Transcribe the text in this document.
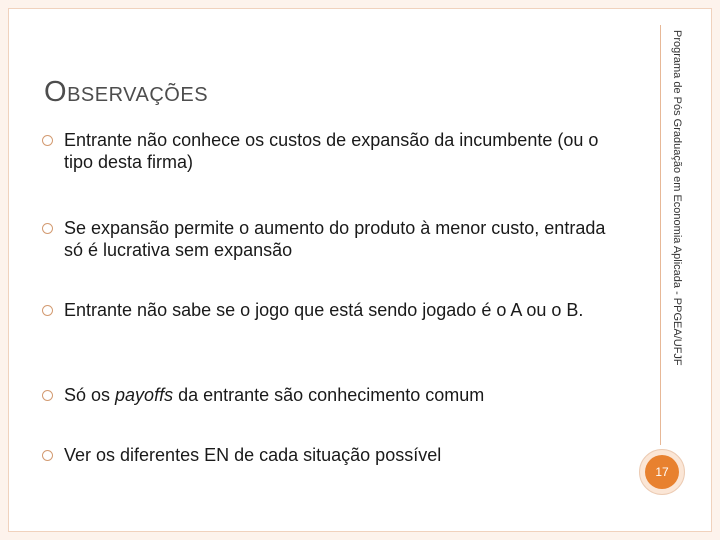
OBSERVAÇÕES
Entrante não conhece os custos de expansão da incumbente (ou o tipo desta firma)
Se expansão permite o aumento do produto à menor custo, entrada só é lucrativa sem expansão
Entrante não sabe se o jogo que está sendo jogado é o A ou o B.
Só os payoffs da entrante são conhecimento comum
Ver os diferentes EN de cada situação possível
Programa de Pós Graduação em Economia Aplicada - PPGEA/UFJF
17
